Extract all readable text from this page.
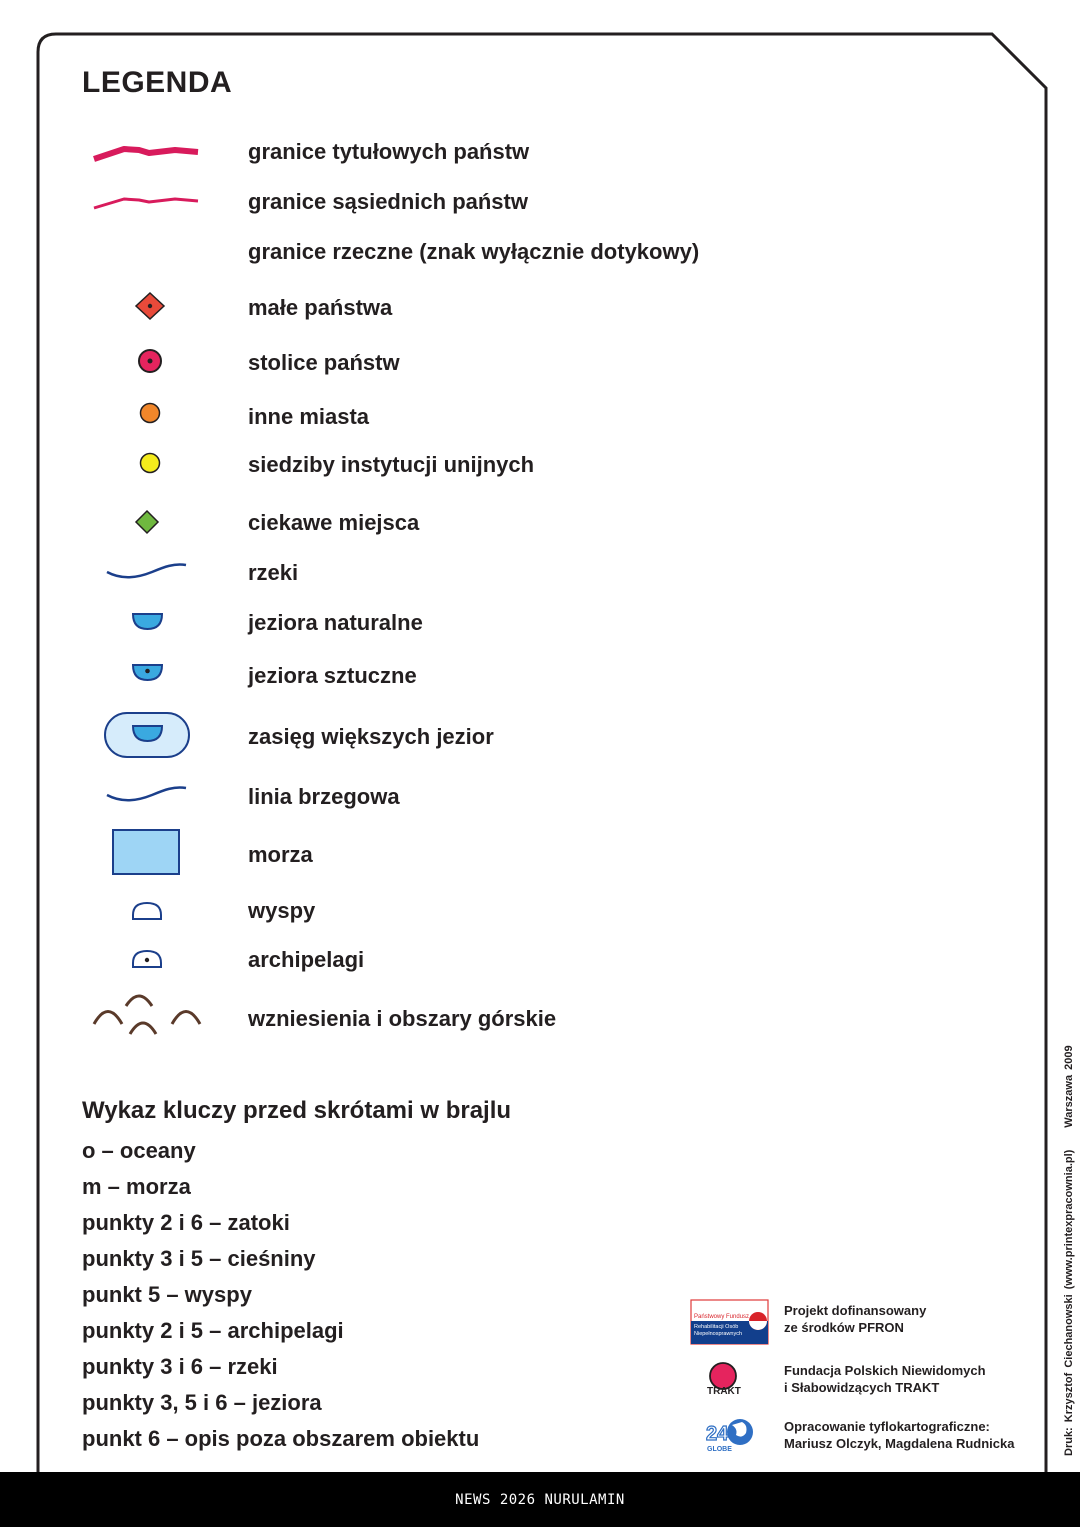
LEGENDA
granice tytułowych państw
granice sąsiednich państw
granice rzeczne (znak wyłącznie dotykowy)
małe państwa
stolice państw
inne miasta
siedziby instytucji unijnych
ciekawe miejsca
rzeki
jeziora naturalne
jeziora sztuczne
zasięg większych jezior
linia brzegowa
morza
wyspy
archipelagi
wzniesienia i obszary górskie
Wykaz kluczy przed skrótami w brajlu
o – oceany
m – morza
punkty 2 i 6 – zatoki
punkty 3 i 5 – cieśniny
punkt 5 – wyspy
punkty 2 i 5 – archipelagi
punkty 3 i 6 – rzeki
punkty 3, 5 i 6 – jeziora
punkt 6 – opis poza obszarem obiektu
Państwowy Fundusz
Rehabilitacji Osób
Niepełnosprawnych
Projekt dofinansowany
ze środków PFRON
TRAKT
Fundacja Polskich Niewidomych
i Słabowidzących TRAKT
24
GLOBE
Opracowanie tyflokartograficzne:
Mariusz Olczyk, Magdalena Rudnicka	Druk: Krzysztof Ciechanowski (www.printexpracownia.pl)Warszawa 2009
NEWS 2026 NURULAMIN
